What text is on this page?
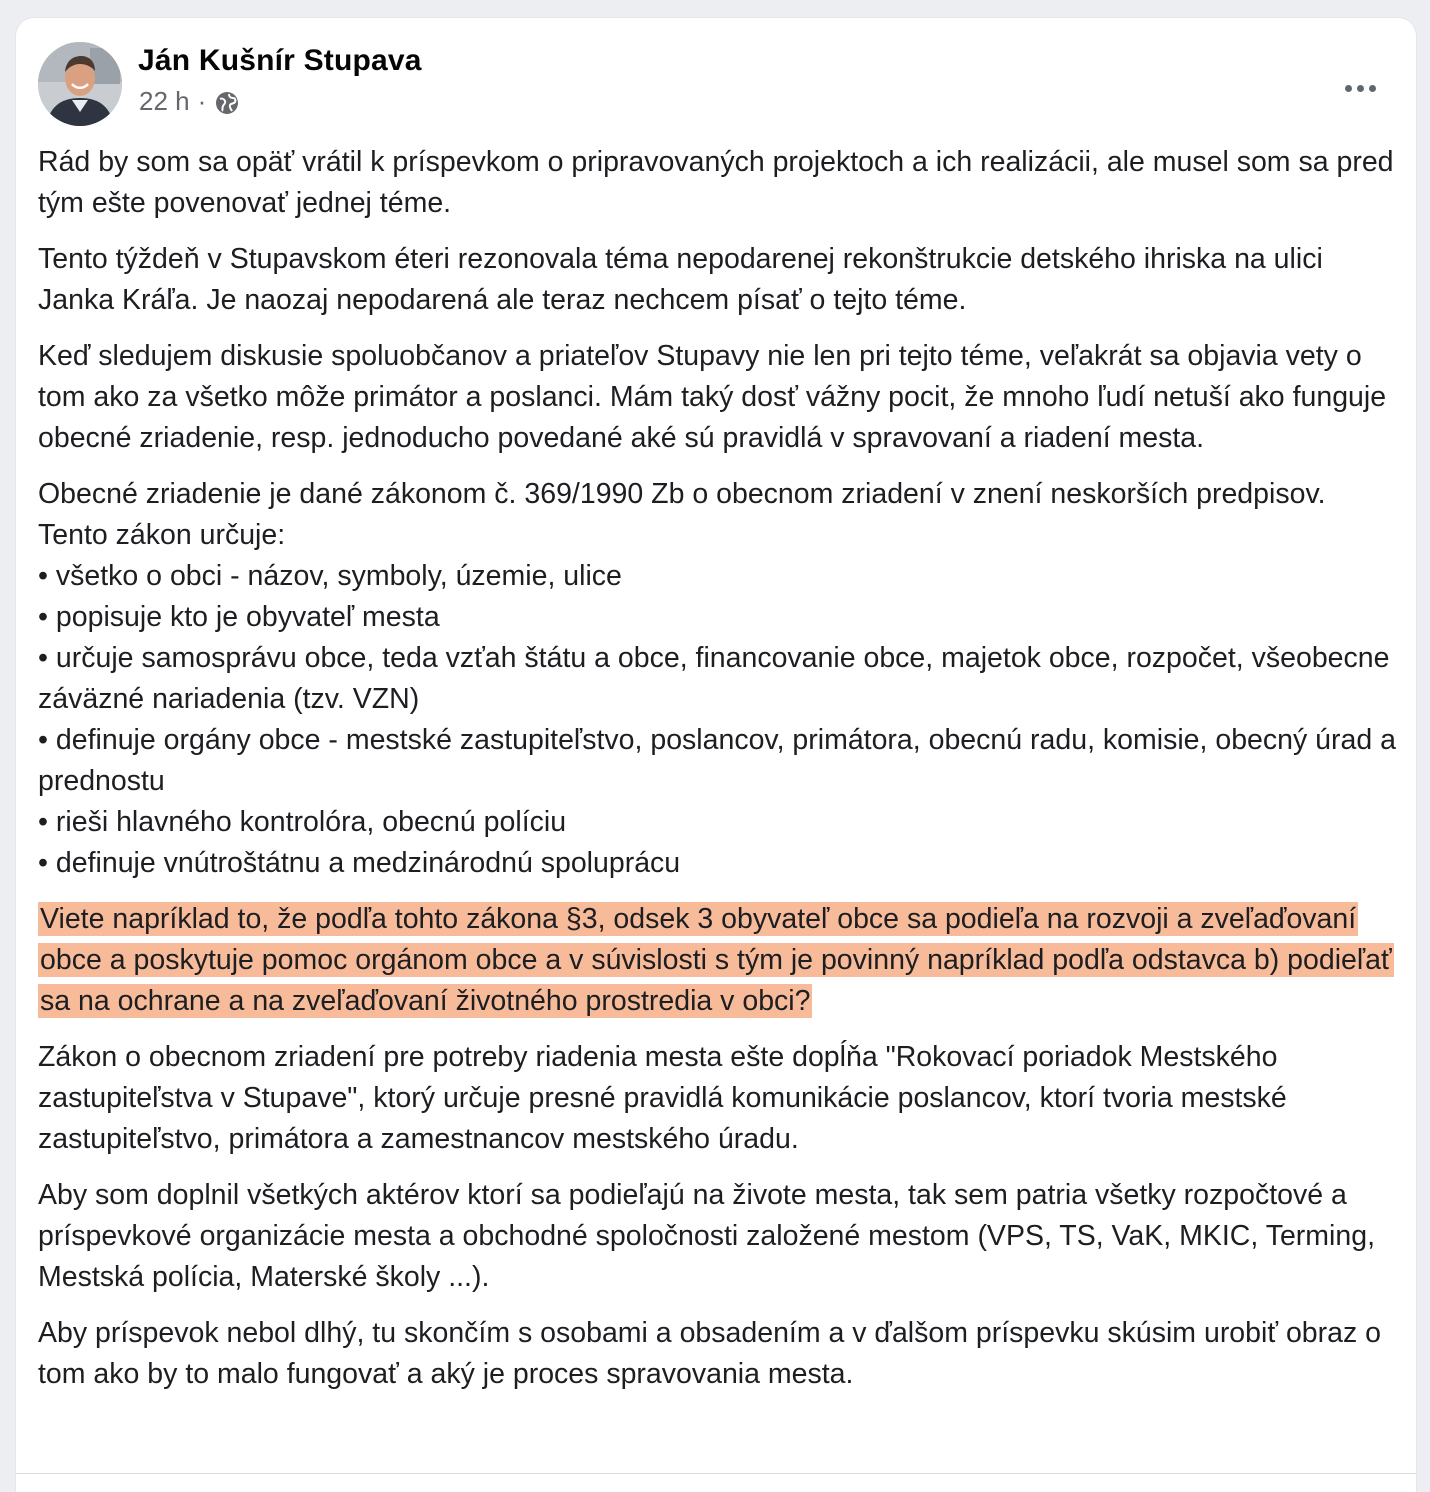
Ján Kušnír Stupava
22 h ·

Rád by som sa opäť vrátil k príspevkom o pripravovaných projektoch a ich realizácii, ale musel som sa pred tým ešte povenovať jednej téme.

Tento týždeň v Stupavskom éteri rezonovala téma nepodarenej rekonštrukcie detského ihriska na ulici Janka Kráľa. Je naozaj nepodarená ale teraz nechcem písať o tejto téme.

Keď sledujem diskusie spoluobčanov a priateľov Stupavy nie len pri tejto téme, veľakrát sa objavia vety o tom ako za všetko môže primátor a poslanci. Mám taký dosť vážny pocit, že mnoho ľudí netuší ako funguje obecné zriadenie, resp. jednoducho povedané aké sú pravidlá v spravovaní a riadení mesta.

Obecné zriadenie je dané zákonom č. 369/1990 Zb o obecnom zriadení v znení neskorších predpisov. Tento zákon určuje:
• všetko o obci - názov, symboly, územie, ulice
• popisuje kto je obyvateľ mesta
• určuje samosprávu obce, teda vzťah štátu a obce, financovanie obce, majetok obce, rozpočet, všeobecne záväzné nariadenia (tzv. VZN)
• definuje orgány obce - mestské zastupiteľstvo, poslancov, primátora, obecnú radu, komisie, obecný úrad a prednostu
• rieši hlavného kontrolóra, obecnú políciu
• definuje vnútroštátnu a medzinárodnú spoluprácu

Viete napríklad to, že podľa tohto zákona §3, odsek 3 obyvateľ obce sa podieľa na rozvoji a zveľaďovaní obce a poskytuje pomoc orgánom obce a v súvislosti s tým je povinný napríklad podľa odstavca b) podieľať sa na ochrane a na zveľaďovaní životného prostredia v obci?

Zákon o obecnom zriadení pre potreby riadenia mesta ešte dopĺňa "Rokovací poriadok Mestského zastupiteľstva v Stupave", ktorý určuje presné pravidlá komunikácie poslancov, ktorí tvoria mestské zastupiteľstvo, primátora a zamestnancov mestského úradu.

Aby som doplnil všetkých aktérov ktorí sa podieľajú na živote mesta, tak sem patria všetky rozpočtové a príspevkové organizácie mesta a obchodné spoločnosti založené mestom (VPS, TS, VaK, MKIC, Terming, Mestská polícia, Materské školy ...).

Aby príspevok nebol dlhý, tu skončím s osobami a obsadením a v ďalšom príspevku skúsim urobiť obraz o tom ako by to malo fungovať a aký je proces spravovania mesta.
